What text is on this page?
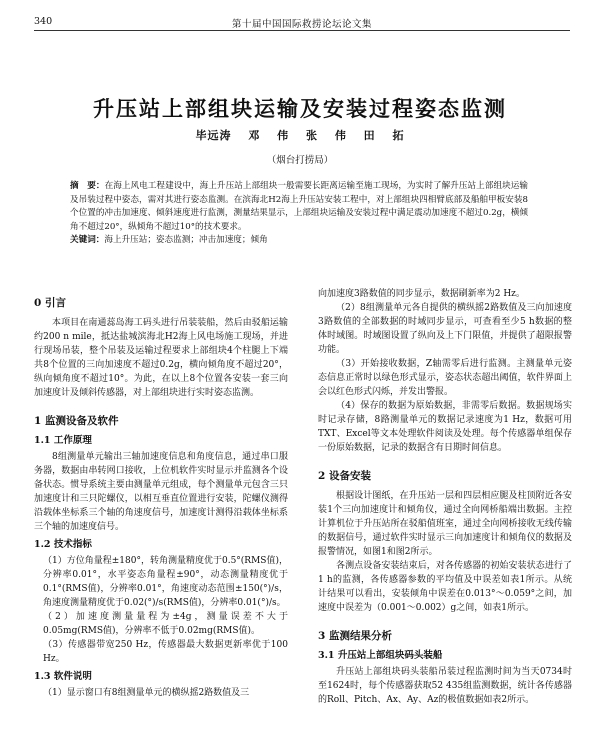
340	第十届中国国际救捞论坛论文集
升压站上部组块运输及安装过程姿态监测
毕远涛 邓 伟 张 伟 田 拓
（烟台打捞局）
摘　要：在海上风电工程建设中，海上升压站上部组块一般需要长距离运输至施工现场，为实时了解升压站上部组块运输及吊装过程中姿态，需对其进行姿态监测。在滨海北H2海上升压站安装工程中，对上部组块四相臂底部及船舶甲板安装8个位置的冲击加速度、倾斜速度进行监测，测量结果显示，上部组块运输及安装过程中满足震动加速度不超过0.2g，横倾角不超过20°，纵倾角不超过10°的技术要求。
关键词：海上升压站；姿态监测；冲击加速度；倾角
0 引言

本项目在南通蕊岛海工码头进行吊装装船，然后由驳船运输约200 n mile，抵达盐城滨海北H2海上风电场施工现场，并进行现场吊装，整个吊装及运输过程要求上部组块4个柱腿上下端共8个位置的三向加速度不超过0.2g，横向倾角度不超过20°，纵向倾角度不超过10°。为此，在以上8个位置各安装一套三向加速度计及倾斜传感器，对上部组块进行实时姿态监测。

1 监测设备及软件
1.1 工作原理

8组测量单元输出三轴加速度信息和角度信息，通过串口服务器，数据由串转网口接收，上位机软件实时显示并监测各个设备状态。惯导系统主要由测量单元组成，每个测量单元包含三只加速度计和三只陀螺仪，以相互垂直位置进行安装，陀螺仪测得沿载体坐标系三个轴的角速度信号，加速度计测得沿载体坐标系三个轴的加速度信号。

1.2 技术指标

（1）方位角量程±180°，转角测量精度优于0.5°(RMS值)，分辨率0.01°，水平姿态角量程±90°，动态测量精度优于0.1°(RMS值)，分辨率0.01°，角速度动态范围±150(°)/s，角速度测量精度优于0.02(°)/s(RMS值)，分辨率0.01(°)/s。

（2）加速度测量量程为±4g，测量误差不大于0.05mg(RMS值)，分辨率不低于0.02mg(RMS值)。

（3）传感器带宽250 Hz，传感器最大数据更新率优于100 Hz。

1.3 软件说明

（1）显示窗口有8组测量单元的横纵摇2路数值及三

向加速度3路数值的同步显示，数据刷新率为2 Hz。

（2）8组测量单元各自提供的横纵摇2路数值及三向加速度3路数值的全部数据的时域同步显示，可查看至少5 h数据的整体时域图。时域图设置了纵向及上下门限值，并提供了超限报警功能。

（3）开始接收数据，Z轴需零后进行监测。主测量单元姿态信息正常时以绿色形式显示，姿态状态超出阈值，软件界面上会以红色形式闪烁，并发出警报。

（4）保存的数据为原始数据，非需零后数据。数据规场实时记录存储，8路测量单元的数据记录速度为1 Hz，数据可用TXT、Excel等文本处理软件阅读及处理。每个传感器单组保存一份原始数据，记录的数据含有日期时间信息。

2 设备安装

根据设计图纸，在升压站一层和四层相应腿及柱顶附近各安装1个三向加速度计和倾角仪，通过全向网桥船端出数据。主控计算机位于升压站所在驳船值班室，通过全向网桥接收无线传输的数据信号，通过软件实时显示三向加速度计和倾角仪的数据及报警情况，如图1和图2所示。

各测点设备安装结束后，对各传感器的初始安装状态进行了1 h的监测，各传感器参数的平均值及中误差如表1所示。从统计结果可以看出，安装倾角中误差在0.013°～0.059°之间，加速度中误差为（0.001～0.002）g之间，如表1所示。

3 监测结果分析
3.1 升压站上部组块码头装船

升压站上部组块码头装船吊装过程监测时间为当天0734时至1624时，每个传感器获取52 435组监测数据，统计各传感器的Roll、Pitch、Ax、Ay、Az的极值数据如表2所示。
